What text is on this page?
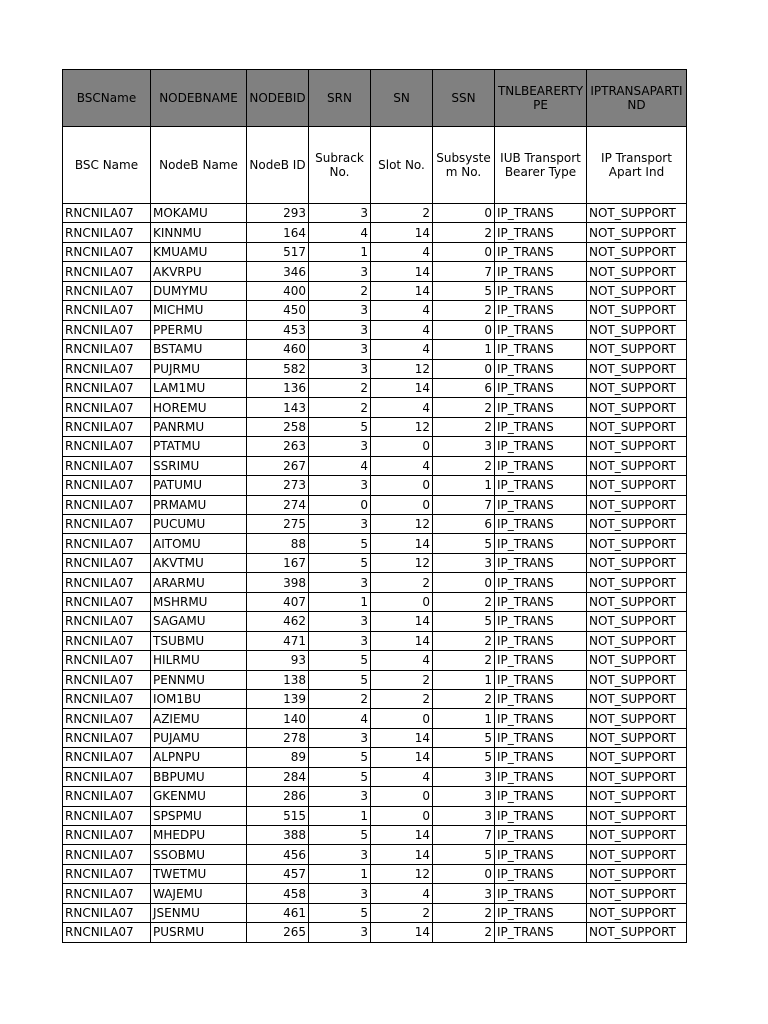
BSCName	NODEBNAME	NODEBID	SRN	SN	SSN	TNLBEARERTYPE	IPTRANSAPARTIND
BSC Name	NodeB Name	NodeB ID	Subrack No.	Slot No.	Subsystem No.	IUB Transport Bearer Type	IP Transport Apart Ind
RNCNILA07	MOKAMU	293	3	2	0	IP_TRANS	NOT_SUPPORT
RNCNILA07	KINNMU	164	4	14	2	IP_TRANS	NOT_SUPPORT
RNCNILA07	KMUAMU	517	1	4	0	IP_TRANS	NOT_SUPPORT
RNCNILA07	AKVRPU	346	3	14	7	IP_TRANS	NOT_SUPPORT
RNCNILA07	DUMYMU	400	2	14	5	IP_TRANS	NOT_SUPPORT
RNCNILA07	MICHMU	450	3	4	2	IP_TRANS	NOT_SUPPORT
RNCNILA07	PPERMU	453	3	4	0	IP_TRANS	NOT_SUPPORT
RNCNILA07	BSTAMU	460	3	4	1	IP_TRANS	NOT_SUPPORT
RNCNILA07	PUJRMU	582	3	12	0	IP_TRANS	NOT_SUPPORT
RNCNILA07	LAM1MU	136	2	14	6	IP_TRANS	NOT_SUPPORT
RNCNILA07	HOREMU	143	2	4	2	IP_TRANS	NOT_SUPPORT
RNCNILA07	PANRMU	258	5	12	2	IP_TRANS	NOT_SUPPORT
RNCNILA07	PTATMU	263	3	0	3	IP_TRANS	NOT_SUPPORT
RNCNILA07	SSRIMU	267	4	4	2	IP_TRANS	NOT_SUPPORT
RNCNILA07	PATUMU	273	3	0	1	IP_TRANS	NOT_SUPPORT
RNCNILA07	PRMAMU	274	0	0	7	IP_TRANS	NOT_SUPPORT
RNCNILA07	PUCUMU	275	3	12	6	IP_TRANS	NOT_SUPPORT
RNCNILA07	AITOMU	88	5	14	5	IP_TRANS	NOT_SUPPORT
RNCNILA07	AKVTMU	167	5	12	3	IP_TRANS	NOT_SUPPORT
RNCNILA07	ARARMU	398	3	2	0	IP_TRANS	NOT_SUPPORT
RNCNILA07	MSHRMU	407	1	0	2	IP_TRANS	NOT_SUPPORT
RNCNILA07	SAGAMU	462	3	14	5	IP_TRANS	NOT_SUPPORT
RNCNILA07	TSUBMU	471	3	14	2	IP_TRANS	NOT_SUPPORT
RNCNILA07	HILRMU	93	5	4	2	IP_TRANS	NOT_SUPPORT
RNCNILA07	PENNMU	138	5	2	1	IP_TRANS	NOT_SUPPORT
RNCNILA07	IOM1BU	139	2	2	2	IP_TRANS	NOT_SUPPORT
RNCNILA07	AZIEMU	140	4	0	1	IP_TRANS	NOT_SUPPORT
RNCNILA07	PUJAMU	278	3	14	5	IP_TRANS	NOT_SUPPORT
RNCNILA07	ALPNPU	89	5	14	5	IP_TRANS	NOT_SUPPORT
RNCNILA07	BBPUMU	284	5	4	3	IP_TRANS	NOT_SUPPORT
RNCNILA07	GKENMU	286	3	0	3	IP_TRANS	NOT_SUPPORT
RNCNILA07	SPSPMU	515	1	0	3	IP_TRANS	NOT_SUPPORT
RNCNILA07	MHEDPU	388	5	14	7	IP_TRANS	NOT_SUPPORT
RNCNILA07	SSOBMU	456	3	14	5	IP_TRANS	NOT_SUPPORT
RNCNILA07	TWETMU	457	1	12	0	IP_TRANS	NOT_SUPPORT
RNCNILA07	WAJEMU	458	3	4	3	IP_TRANS	NOT_SUPPORT
RNCNILA07	JSENMU	461	5	2	2	IP_TRANS	NOT_SUPPORT
RNCNILA07	PUSRMU	265	3	14	2	IP_TRANS	NOT_SUPPORT
